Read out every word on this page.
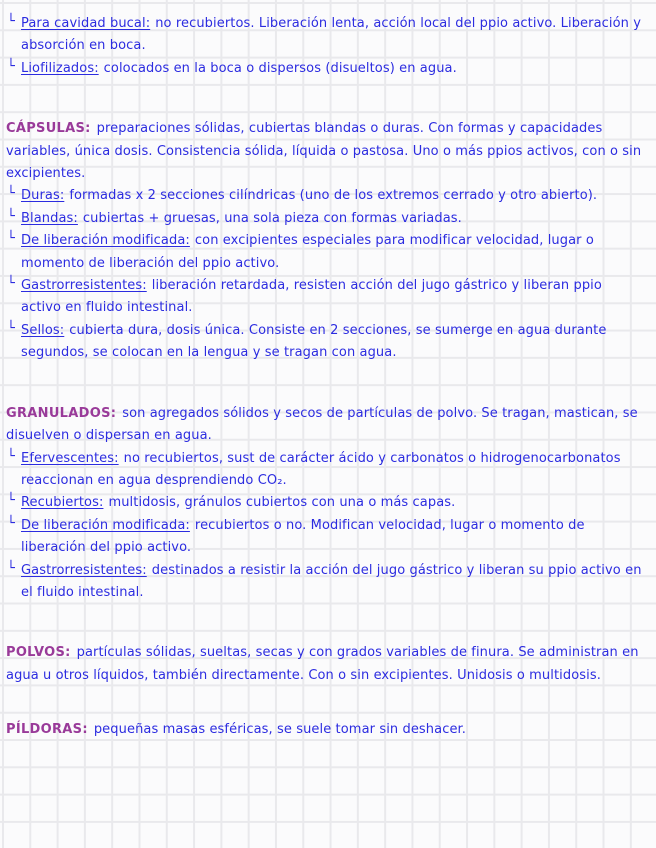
└ Para cavidad bucal: no recubiertos. Liberación lenta, acción local del ppio activo. Liberación y absorción en boca.

└ Liofilizados: colocados en la boca o dispersos (disueltos) en agua.

CÁPSULAS: preparaciones sólidas, cubiertas blandas o duras. Con formas y capacidades variables, única dosis. Consistencia sólida, líquida o pastosa. Uno o más ppios activos, con o sin excipientes.

└ Duras: formadas x 2 secciones cilíndricas (uno de los extremos cerrado y otro abierto).

└ Blandas: cubiertas + gruesas, una sola pieza con formas variadas.

└ De liberación modificada: con excipientes especiales para modificar velocidad, lugar o momento de liberación del ppio activo.

└ Gastrorresistentes: liberación retardada, resisten acción del jugo gástrico y liberan ppio activo en fluido intestinal.

└ Sellos: cubierta dura, dosis única. Consiste en 2 secciones, se sumerge en agua durante segundos, se colocan en la lengua y se tragan con agua.

GRANULADOS: son agregados sólidos y secos de partículas de polvo. Se tragan, mastican, se disuelven o dispersan en agua.

└ Efervescentes: no recubiertos, sust de carácter ácido y carbonatos o hidrogenocarbonatos reaccionan en agua desprendiendo CO₂.

└ Recubiertos: multidosis, gránulos cubiertos con una o más capas.

└ De liberación modificada: recubiertos o no. Modifican velocidad, lugar o momento de liberación del ppio activo.

└ Gastrorresistentes: destinados a resistir la acción del jugo gástrico y liberan su ppio activo en el fluido intestinal.

POLVOS: partículas sólidas, sueltas, secas y con grados variables de finura. Se administran en agua u otros líquidos, también directamente. Con o sin excipientes. Unidosis o multidosis.

PÍLDORAS: pequeñas masas esféricas, se suele tomar sin deshacer.
